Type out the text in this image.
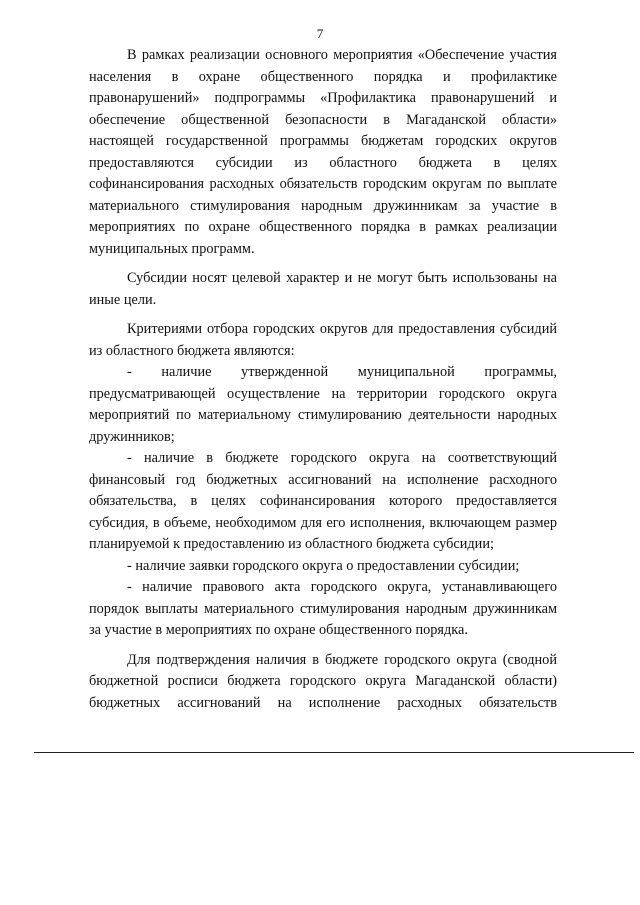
7

В рамках реализации основного мероприятия «Обеспечение участия населения в охране общественного порядка и профилактике правонарушений» подпрограммы «Профилактика правонарушений и обеспечение общественной безопасности в Магаданской области» настоящей государственной программы бюджетам городских округов предоставляются субсидии из областного бюджета в целях софинансирования расходных обязательств городским округам по выплате материального стимулирования народным дружинникам за участие в мероприятиях по охране общественного порядка в рамках реализации муниципальных программ.

Субсидии носят целевой характер и не могут быть использованы на иные цели.

Критериями отбора городских округов для предоставления субсидий из областного бюджета являются:

- наличие утвержденной муниципальной программы, предусматривающей осуществление на территории городского округа мероприятий по материальному стимулированию деятельности народных дружинников;

- наличие в бюджете городского округа на соответствующий финансовый год бюджетных ассигнований на исполнение расходного обязательства, в целях софинансирования которого предоставляется субсидия, в объеме, необходимом для его исполнения, включающем размер планируемой к предоставлению из областного бюджета субсидии;

- наличие заявки городского округа о предоставлении субсидии;

- наличие правового акта городского округа, устанавливающего порядок выплаты материального стимулирования народным дружинникам за участие в мероприятиях по охране общественного порядка.

Для подтверждения наличия в бюджете городского округа (сводной бюджетной росписи бюджета городского округа Магаданской области) бюджетных ассигнований на исполнение расходных обязательств
